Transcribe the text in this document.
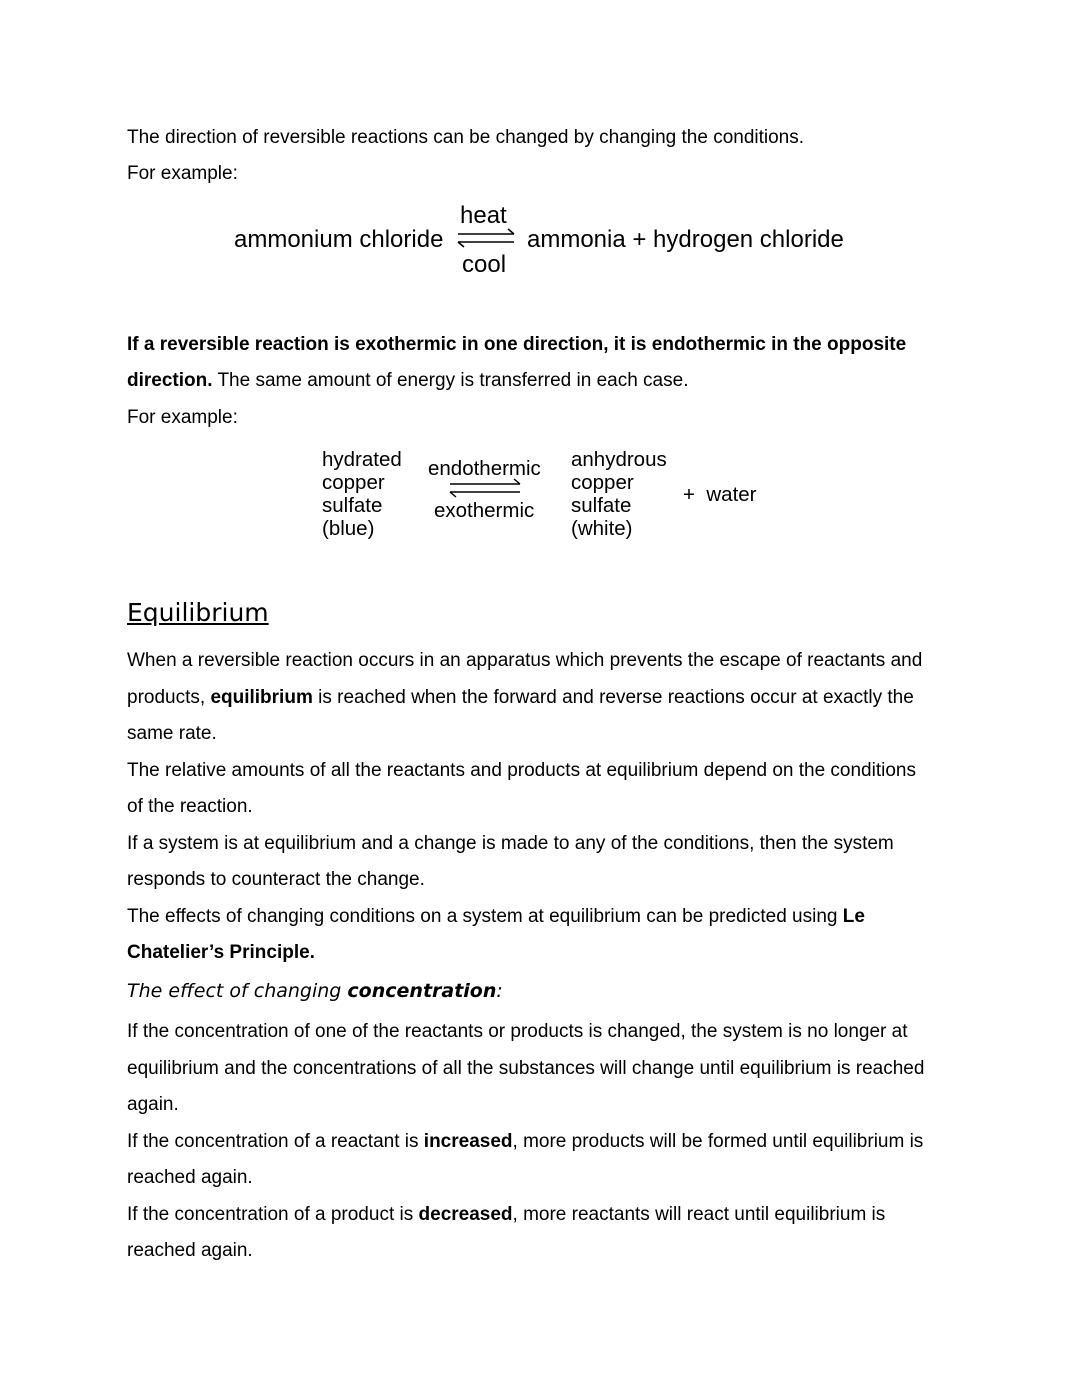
The direction of reversible reactions can be changed by changing the conditions.

For example:

ammonium chloride
heat
cool
ammonia + hydrogen chloride

If a reversible reaction is exothermic in one direction, it is endothermic in the opposite

direction. The same amount of energy is transferred in each case.

For example:

hydrated
copper
sulfate
(blue)
endothermic
exothermic
anhydrous
copper
sulfate
(white)
+  water
Equilibrium

When a reversible reaction occurs in an apparatus which prevents the escape of reactants and

products, equilibrium is reached when the forward and reverse reactions occur at exactly the

same rate.

The relative amounts of all the reactants and products at equilibrium depend on the conditions

of the reaction.

If a system is at equilibrium and a change is made to any of the conditions, then the system

responds to counteract the change.

The effects of changing conditions on a system at equilibrium can be predicted using Le

Chatelier’s Principle.

The effect of changing concentration:

If the concentration of one of the reactants or products is changed, the system is no longer at

equilibrium and the concentrations of all the substances will change until equilibrium is reached

again.

If the concentration of a reactant is increased, more products will be formed until equilibrium is

reached again.

If the concentration of a product is decreased, more reactants will react until equilibrium is

reached again.
